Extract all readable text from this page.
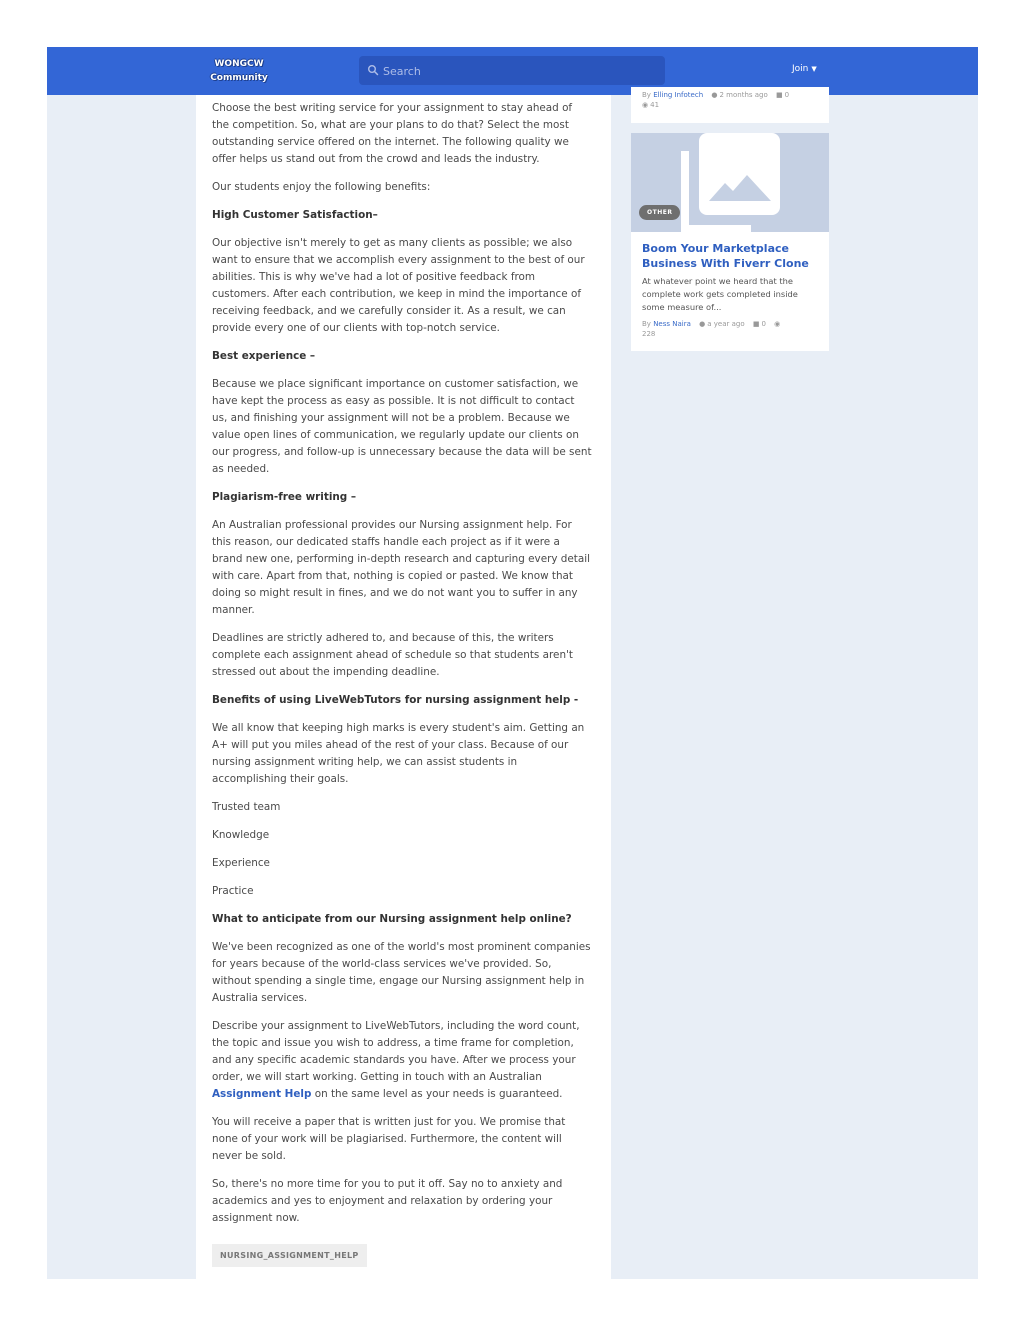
WONGCW
Community
Search
Join ▼

Choose the best writing service for your assignment to stay ahead of the competition. So, what are your plans to do that? Select the most outstanding service offered on the internet. The following quality we offer helps us stand out from the crowd and leads the industry.

Our students enjoy the following benefits:

High Customer Satisfaction–

Our objective isn't merely to get as many clients as possible; we also want to ensure that we accomplish every assignment to the best of our abilities. This is why we've had a lot of positive feedback from customers. After each contribution, we keep in mind the importance of receiving feedback, and we carefully consider it. As a result, we can provide every one of our clients with top-notch service.

Best experience –

Because we place significant importance on customer satisfaction, we have kept the process as easy as possible. It is not difficult to contact us, and finishing your assignment will not be a problem. Because we value open lines of communication, we regularly update our clients on our progress, and follow-up is unnecessary because the data will be sent as needed.

Plagiarism-free writing –

An Australian professional provides our Nursing assignment help. For this reason, our dedicated staffs handle each project as if it were a brand new one, performing in-depth research and capturing every detail with care. Apart from that, nothing is copied or pasted. We know that doing so might result in fines, and we do not want you to suffer in any manner.

Deadlines are strictly adhered to, and because of this, the writers complete each assignment ahead of schedule so that students aren't stressed out about the impending deadline.

Benefits of using LiveWebTutors for nursing assignment help -

We all know that keeping high marks is every student's aim. Getting an A+ will put you miles ahead of the rest of your class. Because of our nursing assignment writing help, we can assist students in accomplishing their goals.

Trusted team

Knowledge

Experience

Practice

What to anticipate from our Nursing assignment help online?

We've been recognized as one of the world's most prominent companies for years because of the world-class services we've provided. So, without spending a single time, engage our Nursing assignment help in Australia services.

Describe your assignment to LiveWebTutors, including the word count, the topic and issue you wish to address, a time frame for completion, and any specific academic standards you have. After we process your order, we will start working. Getting in touch with an Australian Assignment Help on the same level as your needs is guaranteed.

You will receive a paper that is written just for you. We promise that none of your work will be plagiarised. Furthermore, the content will never be sold.

So, there's no more time for you to put it off. Say no to anxiety and academics and yes to enjoyment and relaxation by ordering your assignment now.

NURSING_ASSIGNMENT_HELP
By Elling Infotech ● 2 months ago ■ 0
◉ 41
OTHER
Boom Your Marketplace Business With Fiverr Clone
At whatever point we heard that the complete work gets completed inside some measure of...
By Ness Naira ● a year ago ■ 0 ◉
228
